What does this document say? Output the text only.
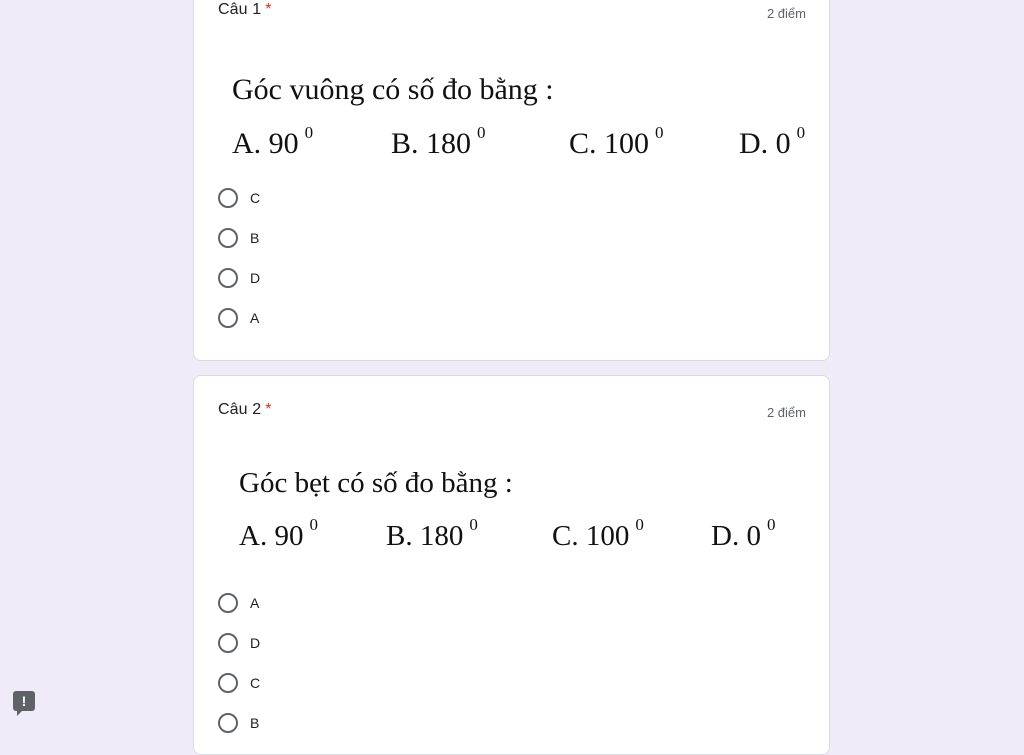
Câu 1 *	2 điểm
Góc vuông có số đo bằng :
A. 90 $^0$	B. 180 $^0$	C. 100 $^0$	D. 0 $^0$
C
B
D
A
Câu 2 *	2 điểm
Góc bẹt có số đo bằng :
A. 90 $^0$ B. 180 $^0$	C. 100 $^0$ D. 0 $^0$
A
D
C
B
!
